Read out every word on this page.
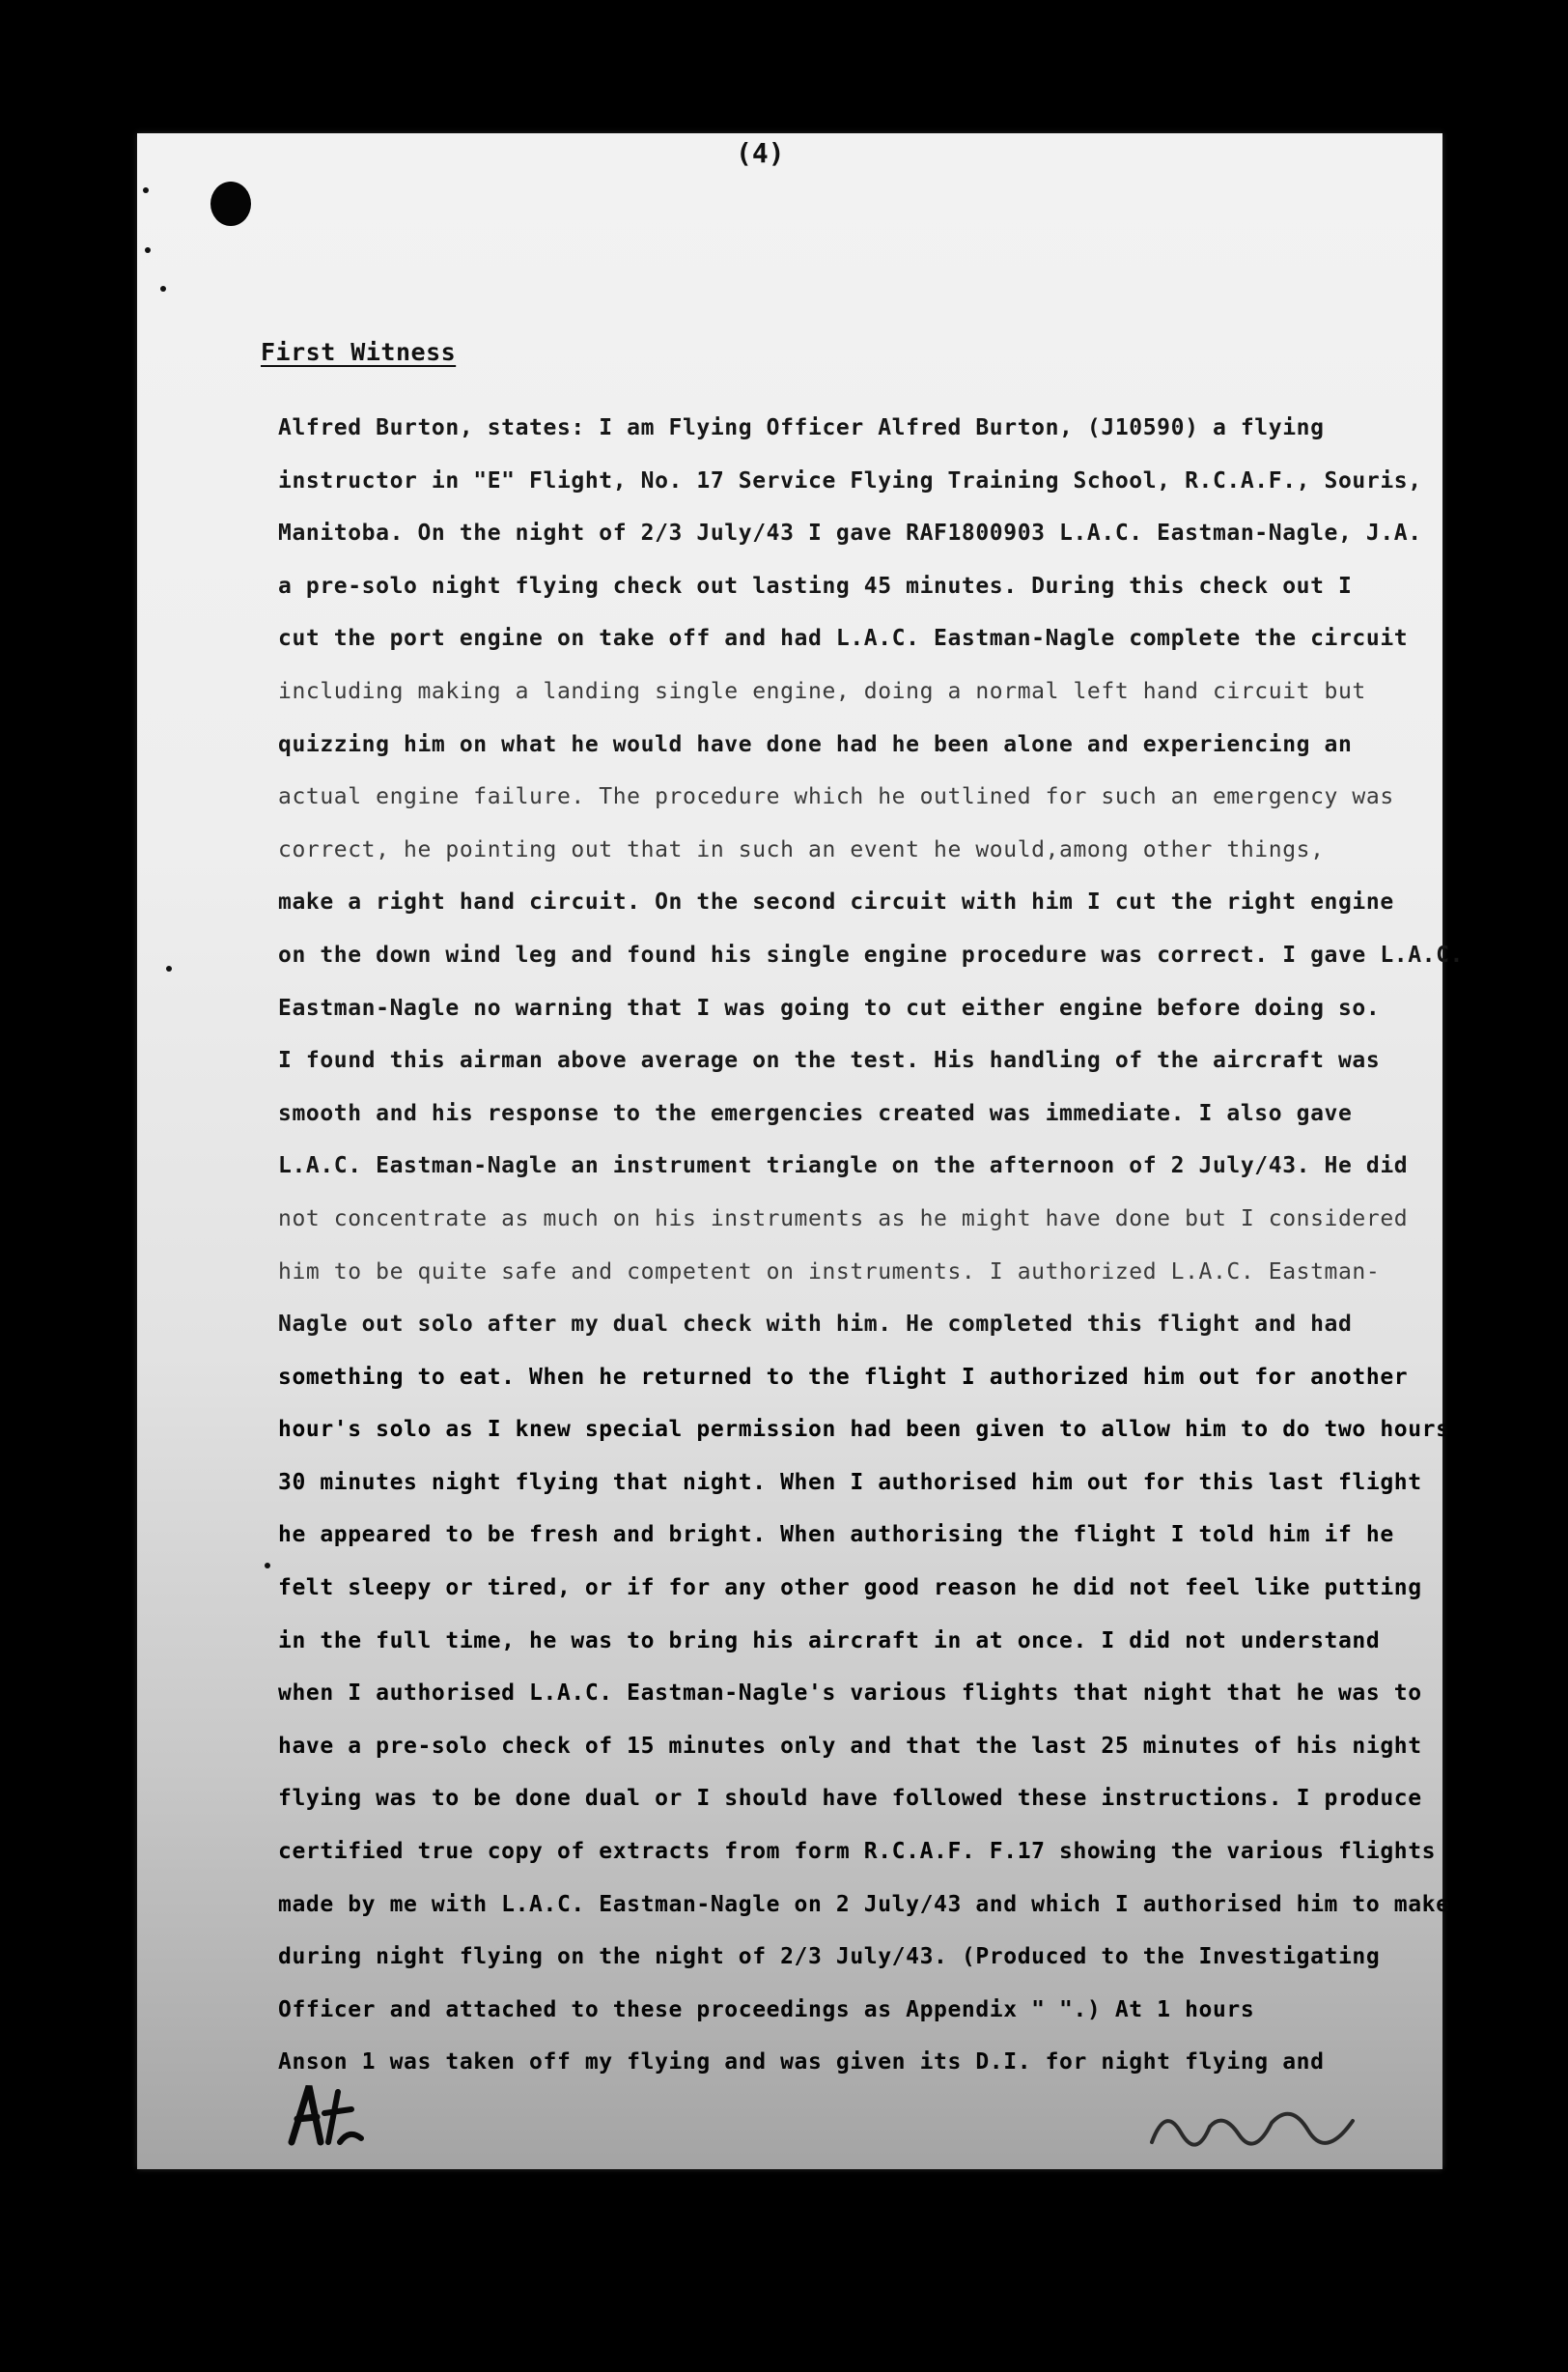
(4)
First Witness
Alfred Burton, states: I am Flying Officer Alfred Burton, (J10590) a flying
instructor in "E" Flight, No. 17 Service Flying Training School, R.C.A.F., Souris,
Manitoba. On the night of 2/3 July/43 I gave RAF1800903 L.A.C. Eastman-Nagle, J.A.
a pre-solo night flying check out lasting 45 minutes. During this check out I
cut the port engine on take off and had L.A.C. Eastman-Nagle complete the circuit
including making a landing single engine, doing a normal left hand circuit but
quizzing him on what he would have done had he been alone and experiencing an
actual engine failure. The procedure which he outlined for such an emergency was
correct, he pointing out that in such an event he would,among other things,
make a right hand circuit. On the second circuit with him I cut the right engine
on the down wind leg and found his single engine procedure was correct. I gave L.A.C.
Eastman-Nagle no warning that I was going to cut either engine before doing so.
I found this airman above average on the test. His handling of the aircraft was
smooth and his response to the emergencies created was immediate. I also gave
L.A.C. Eastman-Nagle an instrument triangle on the afternoon of 2 July/43. He did
not concentrate as much on his instruments as he might have done but I considered
him to be quite safe and competent on instruments. I authorized L.A.C. Eastman-
Nagle out solo after my dual check with him. He completed this flight and had
something to eat. When he returned to the flight I authorized him out for another
hour's solo as I knew special permission had been given to allow him to do two hours
30 minutes night flying that night. When I authorised him out for this last flight
he appeared to be fresh and bright. When authorising the flight I told him if he
felt sleepy or tired, or if for any other good reason he did not feel like putting
in the full time, he was to bring his aircraft in at once. I did not understand
when I authorised L.A.C. Eastman-Nagle's various flights that night that he was to
have a pre-solo check of 15 minutes only and that the last 25 minutes of his night
flying was to be done dual or I should have followed these instructions. I produce
certified true copy of extracts from form R.C.A.F. F.17 showing the various flights
made by me with L.A.C. Eastman-Nagle on 2 July/43 and which I authorised him to make
during night flying on the night of 2/3 July/43. (Produced to the Investigating
Officer and attached to these proceedings as Appendix " ".) At 1 hours
Anson 1 was taken off my flying and was given its D.I. for night flying and
